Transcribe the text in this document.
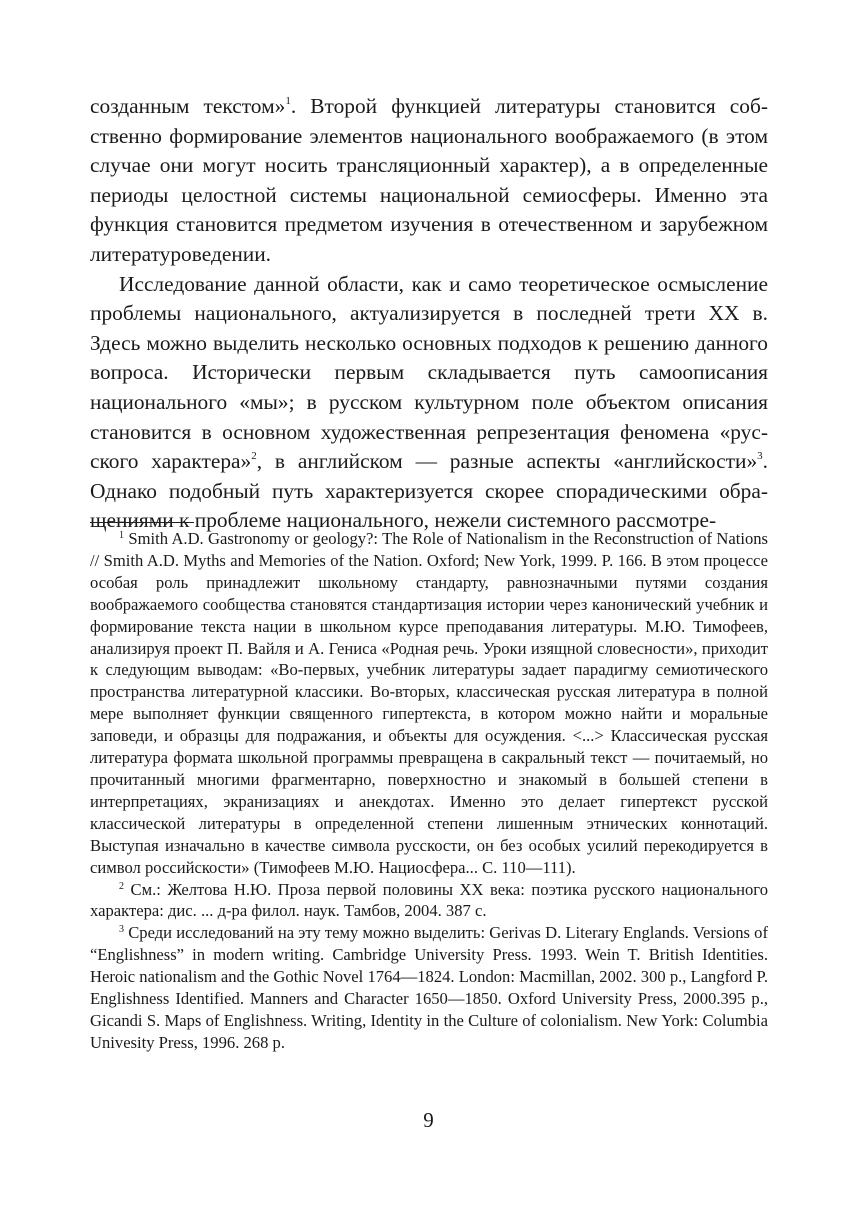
созданным текстом»$^1$. Второй функцией литературы становится собственно формирование элементов национального воображаемого (в этом случае они могут носить трансляционный характер), а в определенные периоды целостной системы национальной семиосферы. Именно эта функция становится предметом изучения в отечественном и зарубежном литературоведении.

Исследование данной области, как и само теоретическое осмысление проблемы национального, актуализируется в последней трети XX в. Здесь можно выделить несколько основных подходов к решению данного вопроса. Исторически первым складывается путь самоописания национального «мы»; в русском культурном поле объектом описания становится в основном художественная репрезентация феномена «русского характера»$^2$, в английском — разные аспекты «английскости»$^3$. Однако подобный путь характеризуется скорее спорадическими обращениями к проблеме национального, нежели системного рассмотре-

$^1$ Smith A.D. Gastronomy or geology?: The Role of Nationalism in the Reconstruction of Nations // Smith A.D. Myths and Memories of the Nation. Oxford; New York, 1999. P. 166. В этом процессе особая роль принадлежит школьному стандарту, равнозначными путями создания воображаемого сообщества становятся стандартизация истории через канонический учебник и формирование текста нации в школьном курсе преподавания литературы. М.Ю. Тимофеев, анализируя проект П. Вайля и А. Гениса «Родная речь. Уроки изящной словесности», приходит к следующим выводам: «Во-первых, учебник литературы задает парадигму семиотического пространства литературной классики. Во-вторых, классическая русская литература в полной мере выполняет функции священного гипертекста, в котором можно найти и моральные заповеди, и образцы для подражания, и объекты для осуждения. <...> Классическая русская литература формата школьной программы превращена в сакральный текст — почитаемый, но прочитанный многими фрагментарно, поверхностно и знакомый в большей степени в интерпретациях, экранизациях и анекдотах. Именно это делает гипертекст русской классической литературы в определенной степени лишенным этнических коннотаций. Выступая изначально в качестве символа русскости, он без особых усилий перекодируется в символ российскости» (Тимофеев М.Ю. Нациосфера... С. 110—111).

$^2$ См.: Желтова Н.Ю. Проза первой половины XX века: поэтика русского национального характера: дис. ... д-ра филол. наук. Тамбов, 2004. 387 с.

$^3$ Среди исследований на эту тему можно выделить: Gerivas D. Literary Englands. Versions of “Englishness” in modern writing. Cambridge University Press. 1993. Wein T. British Identities. Heroic nationalism and the Gothic Novel 1764—1824. London: Macmillan, 2002. 300 p., Langford P. Englishness Identified. Manners and Character 1650—1850. Oxford University Press, 2000.395 p., Gicandi S. Maps of Englishness. Writing, Identity in the Culture of colonialism. New York: Columbia Univesity Press, 1996. 268 p.

9
